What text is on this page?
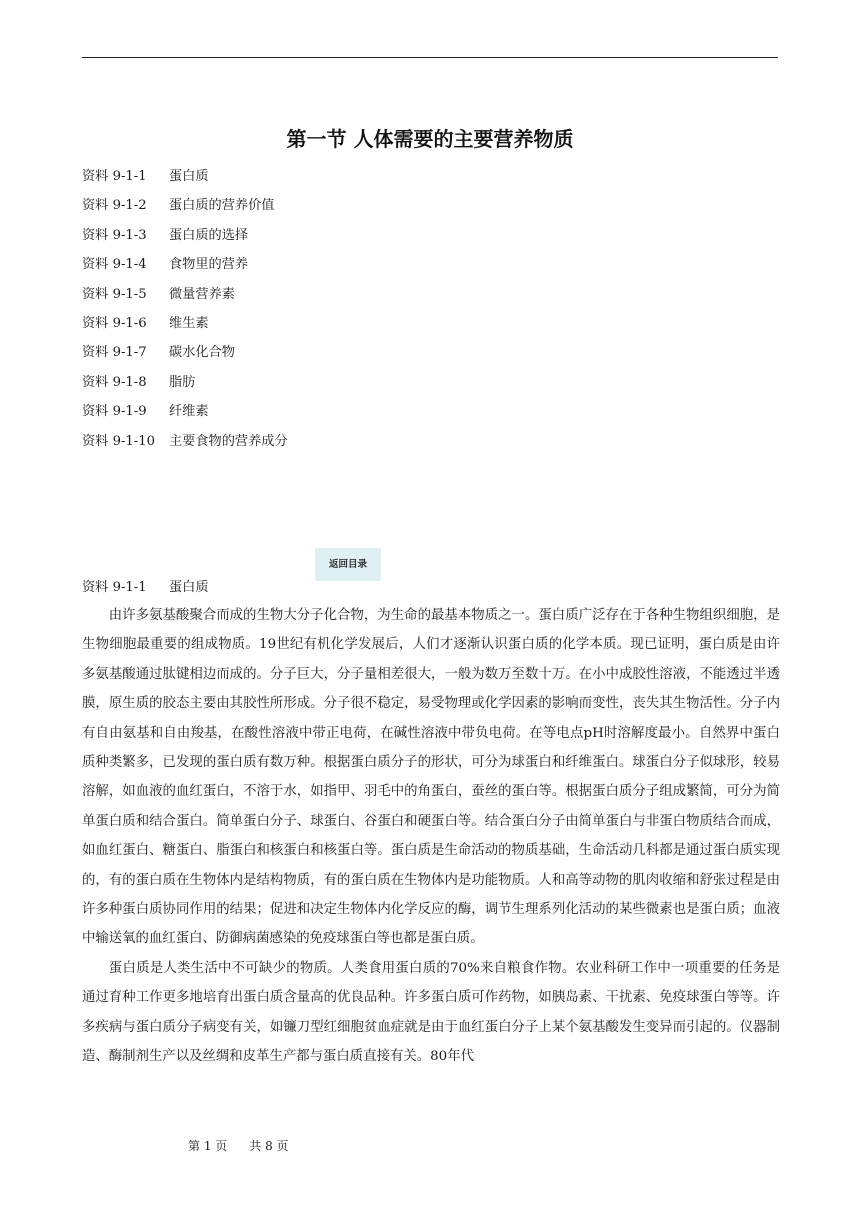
第一节 人体需要的主要营养物质
资料 9-1-1 蛋白质
资料 9-1-2 蛋白质的营养价值
资料 9-1-3 蛋白质的选择
资料 9-1-4 食物里的营养
资料 9-1-5 微量营养素
资料 9-1-6 维生素
资料 9-1-7 碳水化合物
资料 9-1-8 脂肪
资料 9-1-9 纤维素
资料 9-1-10 主要食物的营养成分
返回目录
资料 9-1-1 蛋白质

由许多氨基酸聚合而成的生物大分子化合物，为生命的最基本物质之一。蛋白质广泛存在于各种生物组织细胞，是生物细胞最重要的组成物质。19世纪有机化学发展后，人们才逐渐认识蛋白质的化学本质。现已证明，蛋白质是由许多氨基酸通过肽键相边而成的。分子巨大，分子量相差很大，一般为数万至数十万。在小中成胶性溶液，不能透过半透膜，原生质的胶态主要由其胶性所形成。分子很不稳定，易受物理或化学因素的影响而变性，丧失其生物活性。分子内有自由氨基和自由羧基，在酸性溶液中带正电荷，在碱性溶液中带负电荷。在等电点pH时溶解度最小。自然界中蛋白质种类繁多，已发现的蛋白质有数万种。根据蛋白质分子的形状，可分为球蛋白和纤维蛋白。球蛋白分子似球形，较易溶解，如血液的血红蛋白，不溶于水，如指甲、羽毛中的角蛋白，蚕丝的蛋白等。根据蛋白质分子组成繁简，可分为简单蛋白质和结合蛋白。简单蛋白分子、球蛋白、谷蛋白和硬蛋白等。结合蛋白分子由简单蛋白与非蛋白物质结合而成，如血红蛋白、糖蛋白、脂蛋白和核蛋白和核蛋白等。蛋白质是生命活动的物质基础，生命活动几科都是通过蛋白质实现的，有的蛋白质在生物体内是结构物质，有的蛋白质在生物体内是功能物质。人和高等动物的肌肉收缩和舒张过程是由许多种蛋白质协同作用的结果；促进和决定生物体内化学反应的酶，调节生理系列化活动的某些微素也是蛋白质；血液中输送氧的血红蛋白、防御病菌感染的免疫球蛋白等也都是蛋白质。

蛋白质是人类生活中不可缺少的物质。人类食用蛋白质的70%来自粮食作物。农业科研工作中一项重要的任务是通过育种工作更多地培育出蛋白质含量高的优良品种。许多蛋白质可作药物，如胰岛素、干扰素、免疫球蛋白等等。许多疾病与蛋白质分子病变有关，如镰刀型红细胞贫血症就是由于血红蛋白分子上某个氨基酸发生变异而引起的。仪器制造、酶制剂生产以及丝绸和皮革生产都与蛋白质直接有关。80年代

第 1 页 共 8 页
